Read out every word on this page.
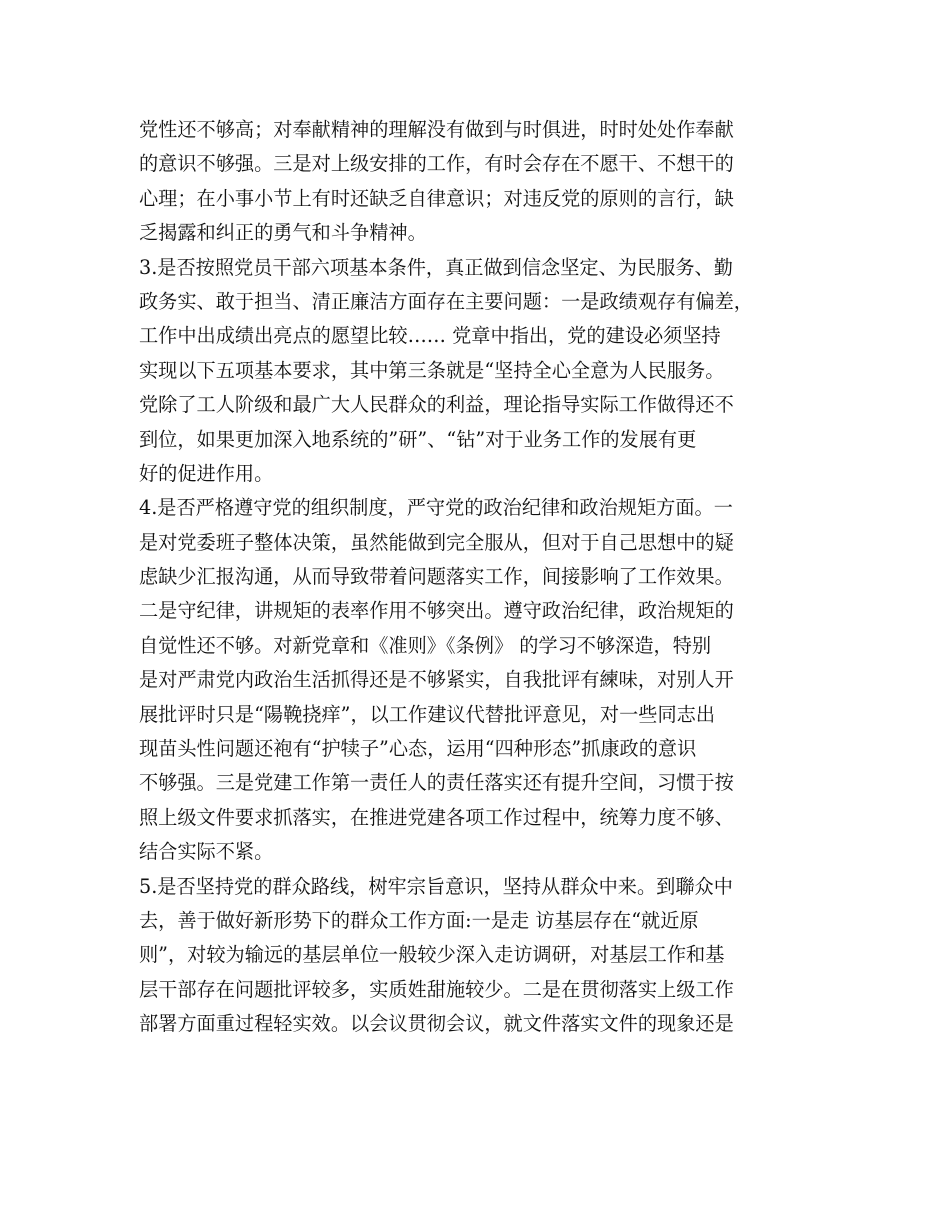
党性还不够高；对奉献精神的理解没有做到与时俱进，时时处处作奉献
的意识不够强。三是对上级安排的工作，有时会存在不愿干、不想干的
心理；在小事小节上有时还缺乏自律意识；对违反党的原则的言行，缺
乏揭露和纠正的勇气和斗争精神。
3.是否按照党员干部六项基本条件，真正做到信念坚定、为民服务、勤
政务实、敢于担当、清正廉洁方面存在主要问题：一是政绩观存有偏差，
工作中出成绩出亮点的愿望比较…… 党章中指出，党的建设必须坚持
实现以下五项基本要求，其中第三条就是“坚持全心全意为人民服务。
党除了工人阶级和最广大人民群众的利益，理论指导实际工作做得还不
到位，如果更加深入地系统的”研”、“钻”对于业务工作的发展有更
好的促进作用。
4.是否严格遵守党的组织制度，严守党的政治纪律和政治规矩方面。一
是对党委班子整体决策，虽然能做到完全服从，但对于自己思想中的疑
虑缺少汇报沟通，从而导致带着问题落实工作，间接影响了工作效果。
二是守纪律，讲规矩的表率作用不够突出。遵守政治纪律，政治规矩的
自觉性还不够。对新党章和《准则》《条例》 的学习不够深造，特别
是对严肃党内政治生活抓得还是不够紧实，自我批评有練味，对别人开
展批评时只是“陽鞔挠痒”，以工作建议代替批评意见，对一些同志出
现苗头性问题还袍有“护犊子”心态，运用“四种形态”抓康政的意识
不够强。三是党建工作第一责任人的责任落实还有提升空间，习惯于按
照上级文件要求抓落实，在推进党建各项工作过程中，统筹力度不够、
结合实际不紧。
5.是否坚持党的群众路线，树牢宗旨意识，坚持从群众中来。到聯众中
去，善于做好新形势下的群众工作方面:一是走 访基层存在“就近原
则”，对较为输远的基层单位一般较少深入走访调研，对基层工作和基
层干部存在问题批评较多，实质姓甜施较少。二是在贯彻落实上级工作
部署方面重过程轻实效。以会议贯彻会议，就文件落实文件的现象还是
